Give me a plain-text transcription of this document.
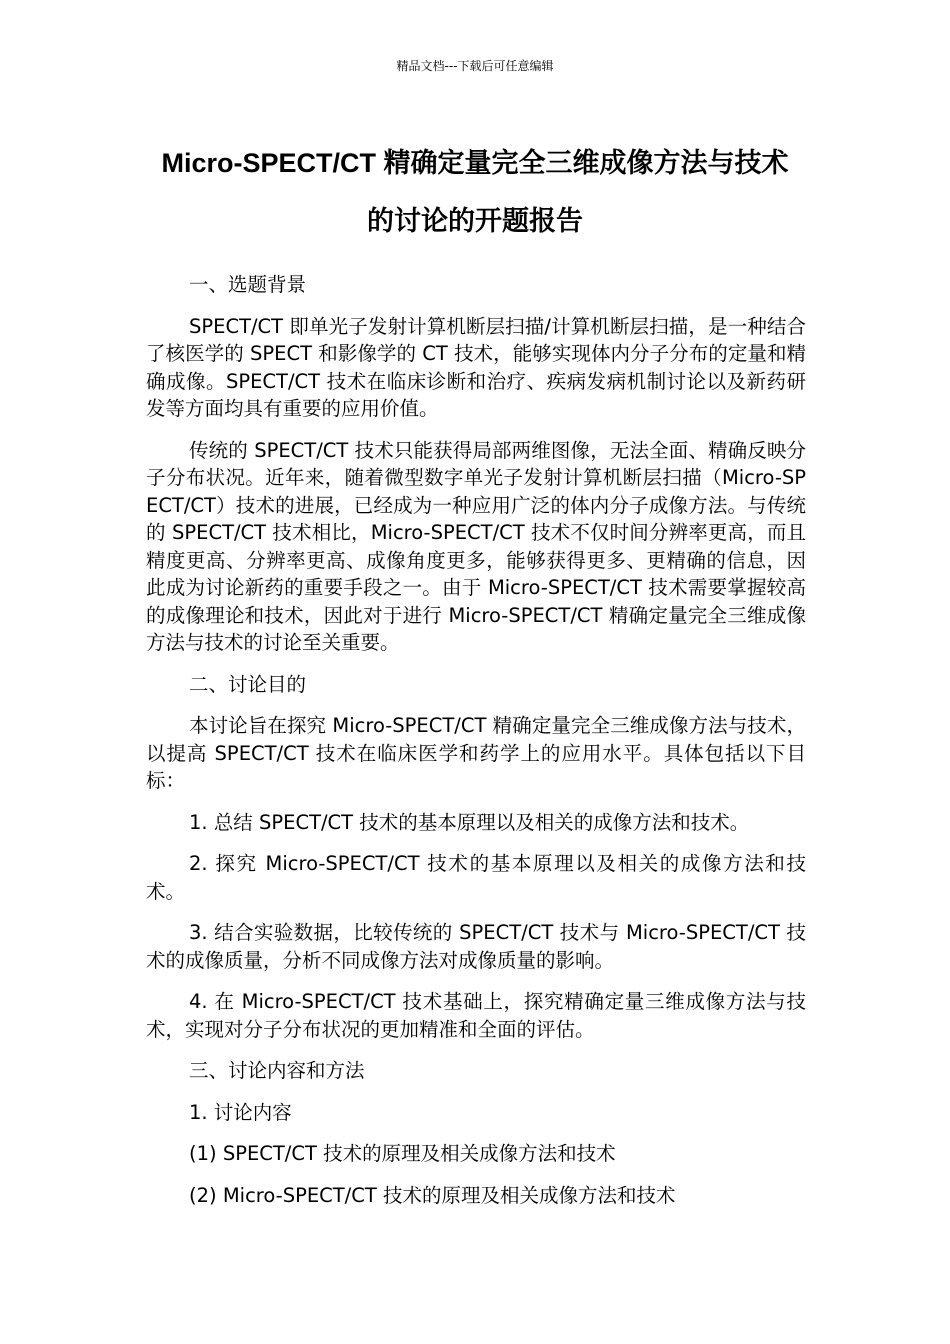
精品文档---下载后可任意编辑
Micro-SPECT/CT 精确定量完全三维成像方法与技术
的讨论的开题报告

一、选题背景

SPECT/CT 即单光子发射计算机断层扫描/计算机断层扫描，是一种结合了核医学的 SPECT 和影像学的 CT 技术，能够实现体内分子分布的定量和精确成像。SPECT/CT 技术在临床诊断和治疗、疾病发病机制讨论以及新药研发等方面均具有重要的应用价值。

传统的 SPECT/CT 技术只能获得局部两维图像，无法全面、精确反映分子分布状况。近年来，随着微型数字单光子发射计算机断层扫描（Micro-SPECT/CT）技术的进展，已经成为一种应用广泛的体内分子成像方法。与传统的 SPECT/CT 技术相比，Micro-SPECT/CT 技术不仅时间分辨率更高，而且精度更高、分辨率更高、成像角度更多，能够获得更多、更精确的信息，因此成为讨论新药的重要手段之一。由于 Micro-SPECT/CT 技术需要掌握较高的成像理论和技术，因此对于进行 Micro-SPECT/CT 精确定量完全三维成像方法与技术的讨论至关重要。

二、讨论目的

本讨论旨在探究 Micro-SPECT/CT 精确定量完全三维成像方法与技术，以提高 SPECT/CT 技术在临床医学和药学上的应用水平。具体包括以下目标：

1. 总结 SPECT/CT 技术的基本原理以及相关的成像方法和技术。

2. 探究 Micro-SPECT/CT 技术的基本原理以及相关的成像方法和技术。

3. 结合实验数据，比较传统的 SPECT/CT 技术与 Micro-SPECT/CT 技术的成像质量，分析不同成像方法对成像质量的影响。

4. 在 Micro-SPECT/CT 技术基础上，探究精确定量三维成像方法与技术，实现对分子分布状况的更加精准和全面的评估。

三、讨论内容和方法

1. 讨论内容

(1) SPECT/CT 技术的原理及相关成像方法和技术

(2) Micro-SPECT/CT 技术的原理及相关成像方法和技术
